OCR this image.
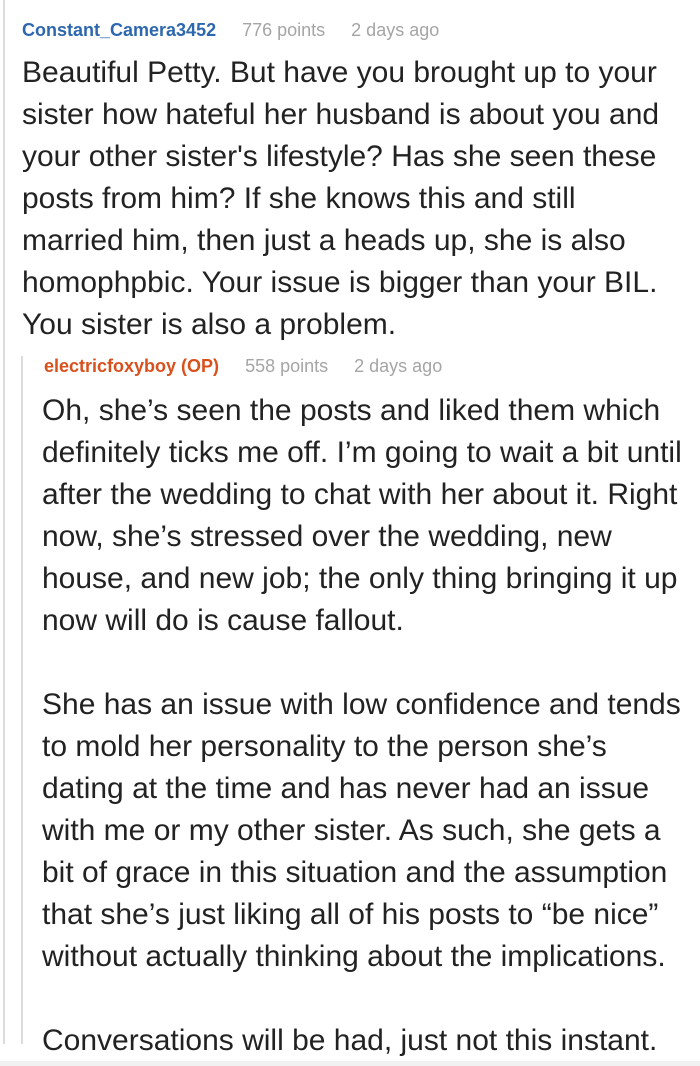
Constant_Camera3452 776 points 2 days ago

Beautiful Petty. But have you brought up to your sister how hateful her husband is about you and your other sister's lifestyle? Has she seen these posts from him? If she knows this and still married him, then just a heads up, she is also homophpbic. Your issue is bigger than your BIL. You sister is also a problem.

electricfoxyboy (OP) 558 points 2 days ago

Oh, she’s seen the posts and liked them which definitely ticks me off. I’m going to wait a bit until after the wedding to chat with her about it. Right now, she’s stressed over the wedding, new house, and new job; the only thing bringing it up now will do is cause fallout.

She has an issue with low confidence and tends to mold her personality to the person she’s dating at the time and has never had an issue with me or my other sister. As such, she gets a bit of grace in this situation and the assumption that she’s just liking all of his posts to “be nice” without actually thinking about the implications.

Conversations will be had, just not this instant.
